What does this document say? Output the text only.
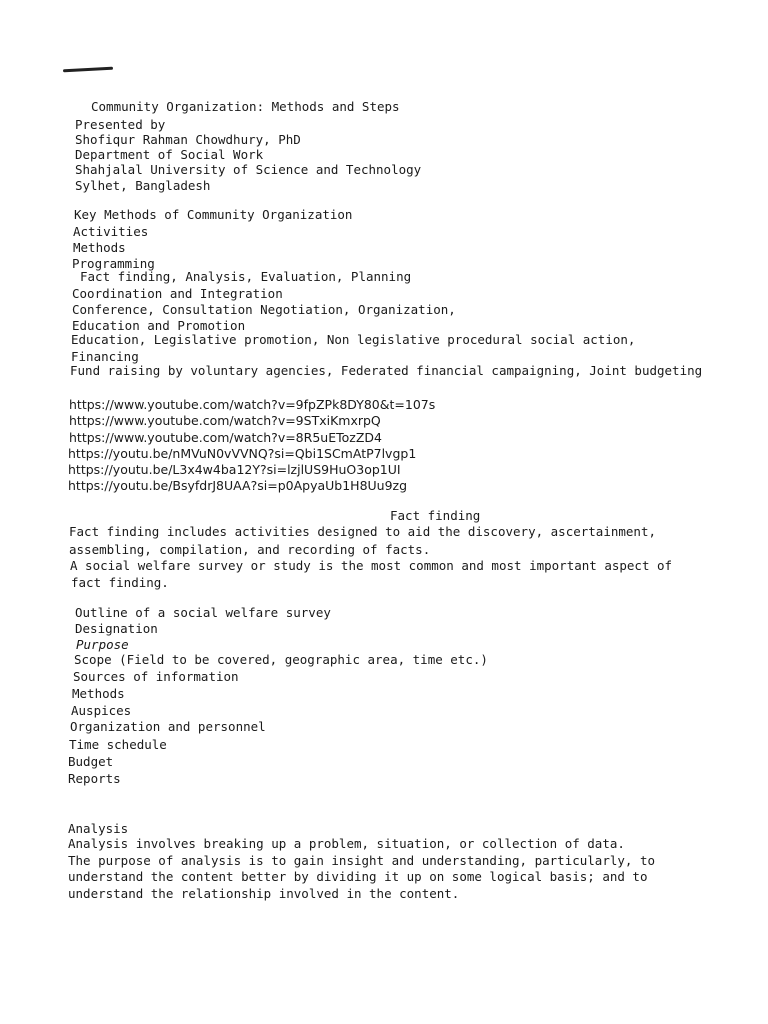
Community Organization: Methods and Steps
Presented by
Shofiqur Rahman Chowdhury, PhD
Department of Social Work
Shahjalal University of Science and Technology
Sylhet, Bangladesh
Key Methods of Community Organization
Activities
Methods
Programming
Fact finding, Analysis, Evaluation, Planning
Coordination and Integration
Conference, Consultation Negotiation, Organization,
Education and Promotion
Education, Legislative promotion, Non legislative procedural social action,
Financing
Fund raising by voluntary agencies, Federated financial campaigning, Joint budgeting
https://www.youtube.com/watch?v=9fpZPk8DY80&t=107s
https://www.youtube.com/watch?v=9STxiKmxrpQ
https://www.youtube.com/watch?v=8R5uETozZD4
https://youtu.be/nMVuN0vVVNQ?si=Qbi1SCmAtP7lvgp1
https://youtu.be/L3x4w4ba12Y?si=lzjlUS9HuO3op1UI
https://youtu.be/BsyfdrJ8UAA?si=p0ApyaUb1H8Uu9zg
Fact finding
Fact finding includes activities designed to aid the discovery, ascertainment,
assembling, compilation, and recording of facts.
A social welfare survey or study is the most common and most important aspect of
fact finding.
Outline of a social welfare survey
Designation
Purpose
Scope (Field to be covered, geographic area, time etc.)
Sources of information
Methods
Auspices
Organization and personnel
Time schedule
Budget
Reports
Analysis
Analysis involves breaking up a problem, situation, or collection of data.
The purpose of analysis is to gain insight and understanding, particularly, to
understand the content better by dividing it up on some logical basis; and to
understand the relationship involved in the content.
